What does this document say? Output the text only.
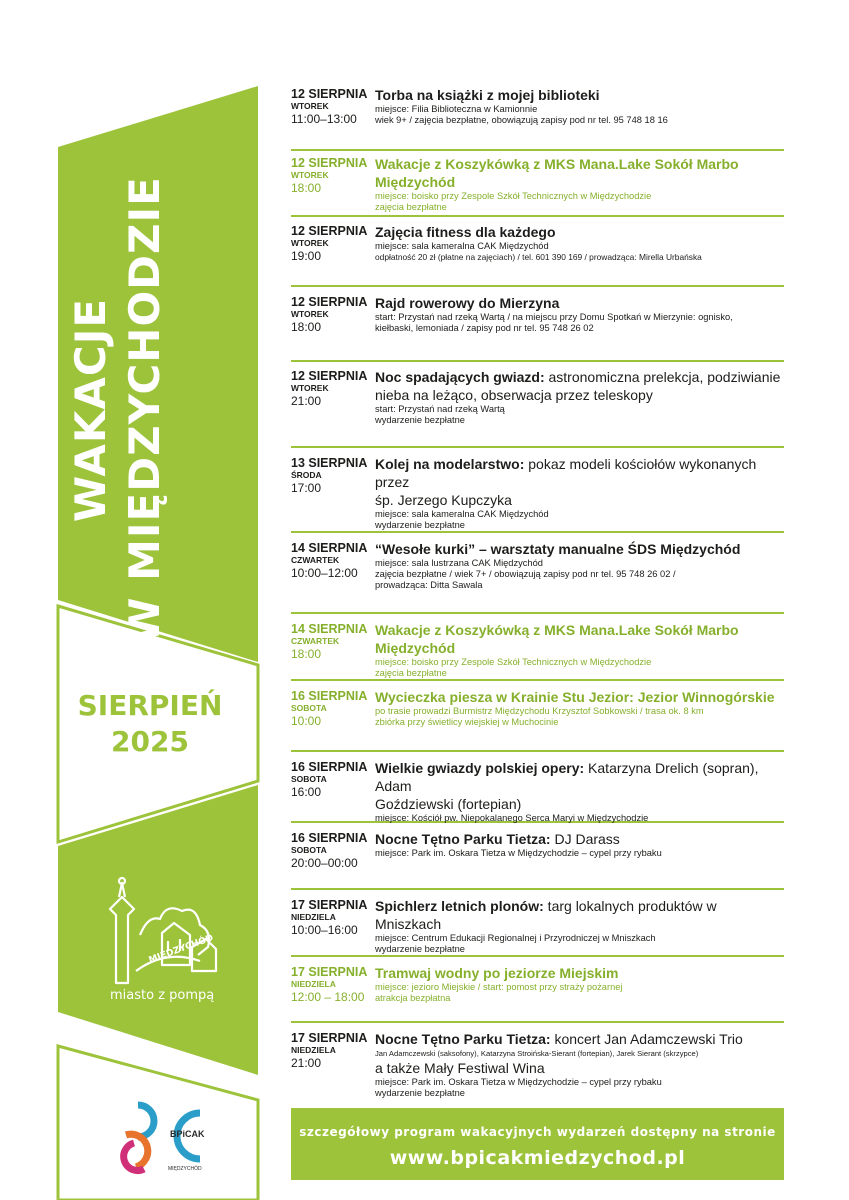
WAKACJE W MIĘDZYCHODZIE
SIERPIEŃ
2025
MIĘDZYCHÓD
miasto z pompą
BPiCAK
MIĘDZYCHÓD
12 SIERPNIA
WTOREK
11:00–13:00
Torba na książki z mojej biblioteki
miejsce: Filia Biblioteczna w Kamionnie
wiek 9+ / zajęcia bezpłatne, obowiązują zapisy pod nr tel. 95 748 18 16
12 SIERPNIA
WTOREK
18:00
Wakacje z Koszykówką z MKS Mana.Lake Sokół Marbo Międzychód
miejsce: boisko przy Zespole Szkół Technicznych w Międzychodzie
zajęcia bezpłatne
12 SIERPNIA
WTOREK
19:00
Zajęcia fitness dla każdego
miejsce: sala kameralna CAK Międzychód
odpłatność 20 zł (płatne na zajęciach) / tel. 601 390 169 / prowadząca: Mirella Urbańska
12 SIERPNIA
WTOREK
18:00
Rajd rowerowy do Mierzyna
start: Przystań nad rzeką Wartą / na miejscu przy Domu Spotkań w Mierzynie: ognisko,
kiełbaski, lemoniada / zapisy pod nr tel. 95 748 26 02
12 SIERPNIA
WTOREK
21:00
Noc spadających gwiazd: astronomiczna prelekcja, podziwianie
nieba na leżąco, obserwacja przez teleskopy
start: Przystań nad rzeką Wartą
wydarzenie bezpłatne
13 SIERPNIA
ŚRODA
17:00
Kolej na modelarstwo: pokaz modeli kościołów wykonanych przez
śp. Jerzego Kupczyka
miejsce: sala kameralna CAK Międzychód
wydarzenie bezpłatne
14 SIERPNIA
CZWARTEK
10:00–12:00
“Wesołe kurki” – warsztaty manualne ŚDS Międzychód
miejsce: sala lustrzana CAK Międzychód
zajęcia bezpłatne / wiek 7+ / obowiązują zapisy pod nr tel. 95 748 26 02 /
prowadząca: Ditta Sawala
14 SIERPNIA
CZWARTEK
18:00
Wakacje z Koszykówką z MKS Mana.Lake Sokół Marbo Międzychód
miejsce: boisko przy Zespole Szkół Technicznych w Międzychodzie
zajęcia bezpłatne
16 SIERPNIA
SOBOTA
10:00
Wycieczka piesza w Krainie Stu Jezior: Jezior Winnogórskie
po trasie prowadzi Burmistrz Międzychodu Krzysztof Sobkowski / trasa ok. 8 km
zbiórka przy świetlicy wiejskiej w Muchocinie
16 SIERPNIA
SOBOTA
16:00
Wielkie gwiazdy polskiej opery: Katarzyna Drelich (sopran), Adam
Goździewski (fortepian)
miejsce: Kościół pw. Niepokalanego Serca Maryi w Międzychodzie
16 SIERPNIA
SOBOTA
20:00–00:00
Nocne Tętno Parku Tietza: DJ Darass
miejsce: Park im. Oskara Tietza w Międzychodzie – cypel przy rybaku
17 SIERPNIA
NIEDZIELA
10:00–16:00
Spichlerz letnich plonów: targ lokalnych produktów w Mniszkach
miejsce: Centrum Edukacji Regionalnej i Przyrodniczej w Mniszkach
wydarzenie bezpłatne
17 SIERPNIA
NIEDZIELA
12:00 – 18:00
Tramwaj wodny po jeziorze Miejskim
miejsce: jezioro Miejskie / start: pomost przy straży pożarnej
atrakcja bezpłatna
17 SIERPNIA
NIEDZIELA
21:00
Nocne Tętno Parku Tietza: koncert Jan Adamczewski Trio
Jan Adamczewski (saksofony), Katarzyna Stroińska-Sierant (fortepian), Jarek Sierant (skrzypce)
a także Mały Festiwal Wina
miejsce: Park im. Oskara Tietza w Międzychodzie – cypel przy rybaku
wydarzenie bezpłatne
szczegółowy program wakacyjnych wydarzeń dostępny na stronie
www.bpicakmiedzychod.pl
